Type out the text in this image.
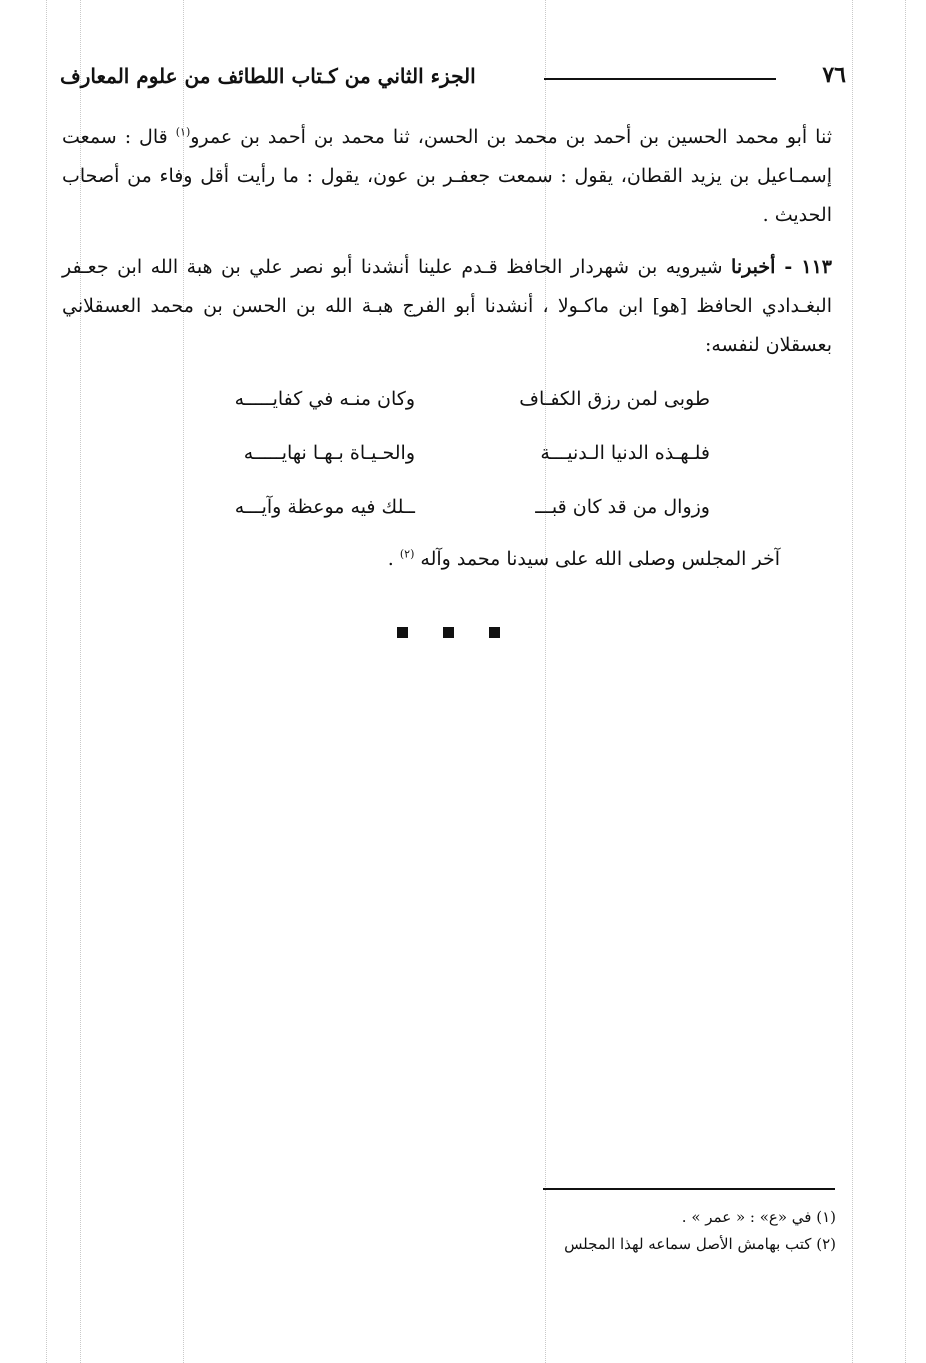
٧٦
الجزء الثاني من كـتاب اللطائف من علوم المعارف
ثنا أبو محمد الحسين بن أحمد بن محمد بن الحسن، ثنا محمد بن أحمد بن عمرو$^{(١)}$ قال : سمعت إسمـاعيل بن يزيد القطان، يقول : سمعت جعفـر بن عون، يقول : ما رأيت أقل وفاء من أصحاب الحديث .
١١٣ - أخبرنا شيرويه بن شهردار الحافظ قـدم علينا أنشدنا أبو نصر علي بن هبة الله ابن جعـفر البغـدادي الحافظ [هو] ابن ماكـولا ، أنشدنا أبو الفرج هبـة الله بن الحسن بن محمد العسقلاني بعسقلان لنفسه:
طوبى لمن رزق الكفـاف
وكان منـه في كفايـــــه
فلـهـذه الدنيا الـدنيـــة
والحـيـاة بـهـا نهايـــــه
وزوال من قد كان قبـــ
ــلك فيه موعظة وآيـــه
آخر المجلس وصلى الله على سيدنا محمد وآله $^{(٢)}$ .
(١) في «ع» : « عمر » .
(٢) كتب بهامش الأصل سماعه لهذا المجلس
